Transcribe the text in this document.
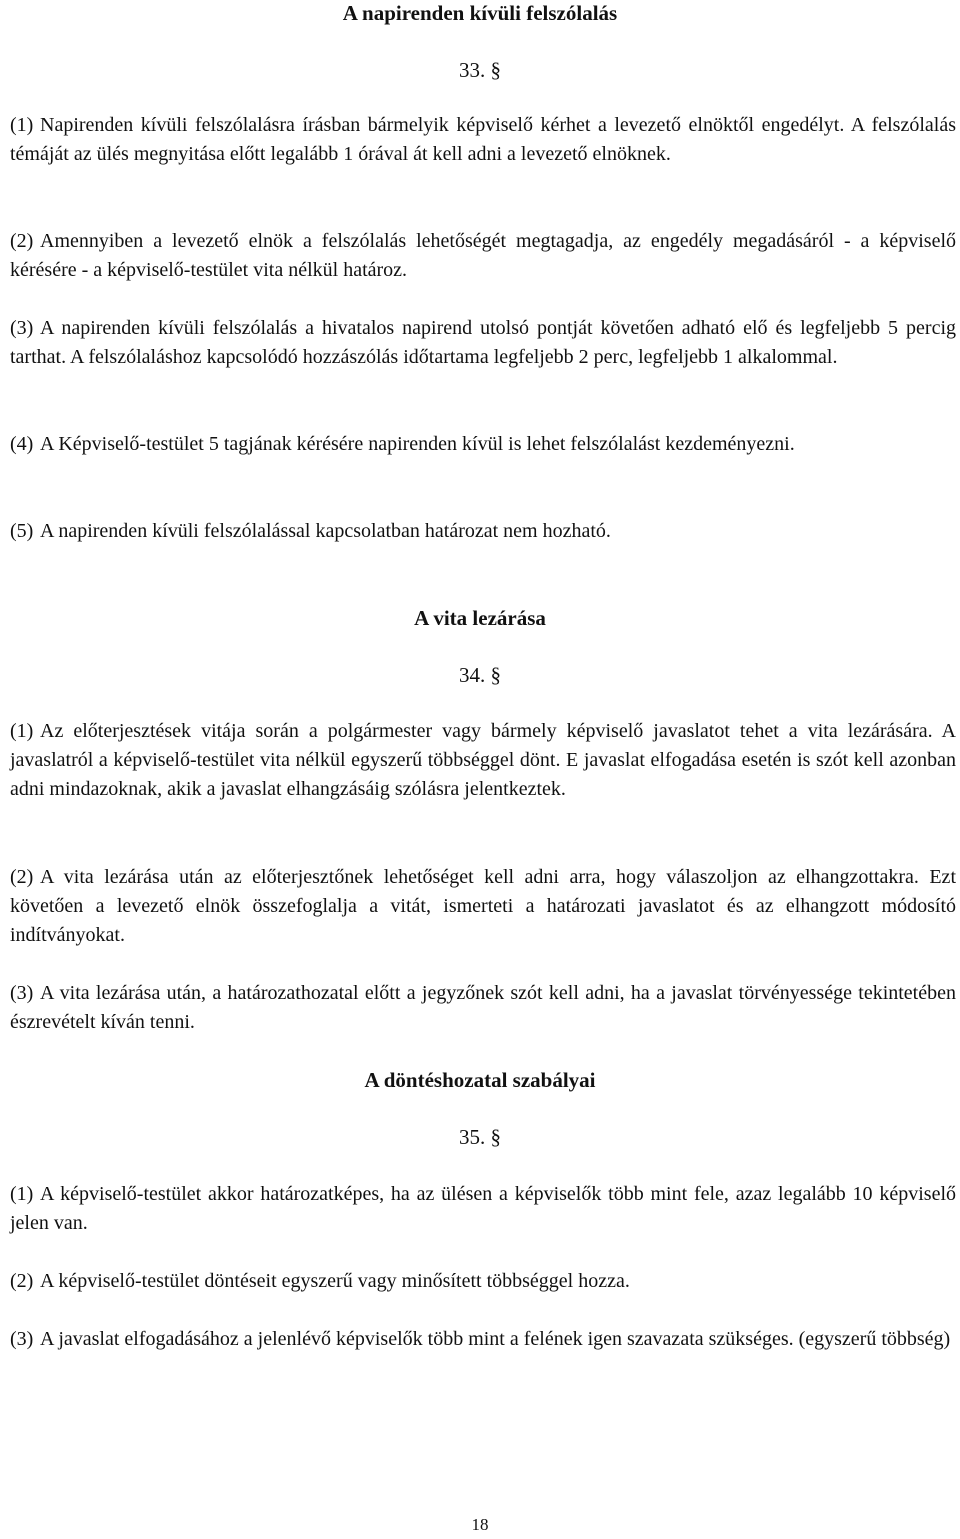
A napirenden kívüli felszólalás
33. §
(1) Napirenden kívüli felszólalásra írásban bármelyik képviselő kérhet a levezető elnöktől engedélyt. A felszólalás témáját az ülés megnyitása előtt legalább 1 órával át kell adni a levezető elnöknek.
(2) Amennyiben a levezető elnök a felszólalás lehetőségét megtagadja, az engedély megadásáról - a képviselő kérésére - a képviselő-testület vita nélkül határoz.
(3) A napirenden kívüli felszólalás a hivatalos napirend utolsó pontját követően adható elő és legfeljebb 5 percig tarthat. A felszólaláshoz kapcsolódó hozzászólás időtartama legfeljebb 2 perc, legfeljebb 1 alkalommal.
(4) A Képviselő-testület 5 tagjának kérésére napirenden kívül is lehet felszólalást kezdeményezni.
(5) A napirenden kívüli felszólalással kapcsolatban határozat nem hozható.
A vita lezárása
34. §
(1) Az előterjesztések vitája során a polgármester vagy bármely képviselő javaslatot tehet a vita lezárására. A javaslatról a képviselő-testület vita nélkül egyszerű többséggel dönt. E javaslat elfogadása esetén is szót kell azonban adni mindazoknak, akik a javaslat elhangzásáig szólásra jelentkeztek.
(2) A vita lezárása után az előterjesztőnek lehetőséget kell adni arra, hogy válaszoljon az elhangzottakra. Ezt követően a levezető elnök összefoglalja a vitát, ismerteti a határozati javaslatot és az elhangzott módosító indítványokat.
(3) A vita lezárása után, a határozathozatal előtt a jegyzőnek szót kell adni, ha a javaslat törvényessége tekintetében észrevételt kíván tenni.
A döntéshozatal szabályai
35. §
(1) A képviselő-testület akkor határozatképes, ha az ülésen a képviselők több mint fele, azaz legalább 10 képviselő jelen van.
(2) A képviselő-testület döntéseit egyszerű vagy minősített többséggel hozza.
(3) A javaslat elfogadásához a jelenlévő képviselők több mint a felének igen szavazata szükséges. (egyszerű többség)
18
